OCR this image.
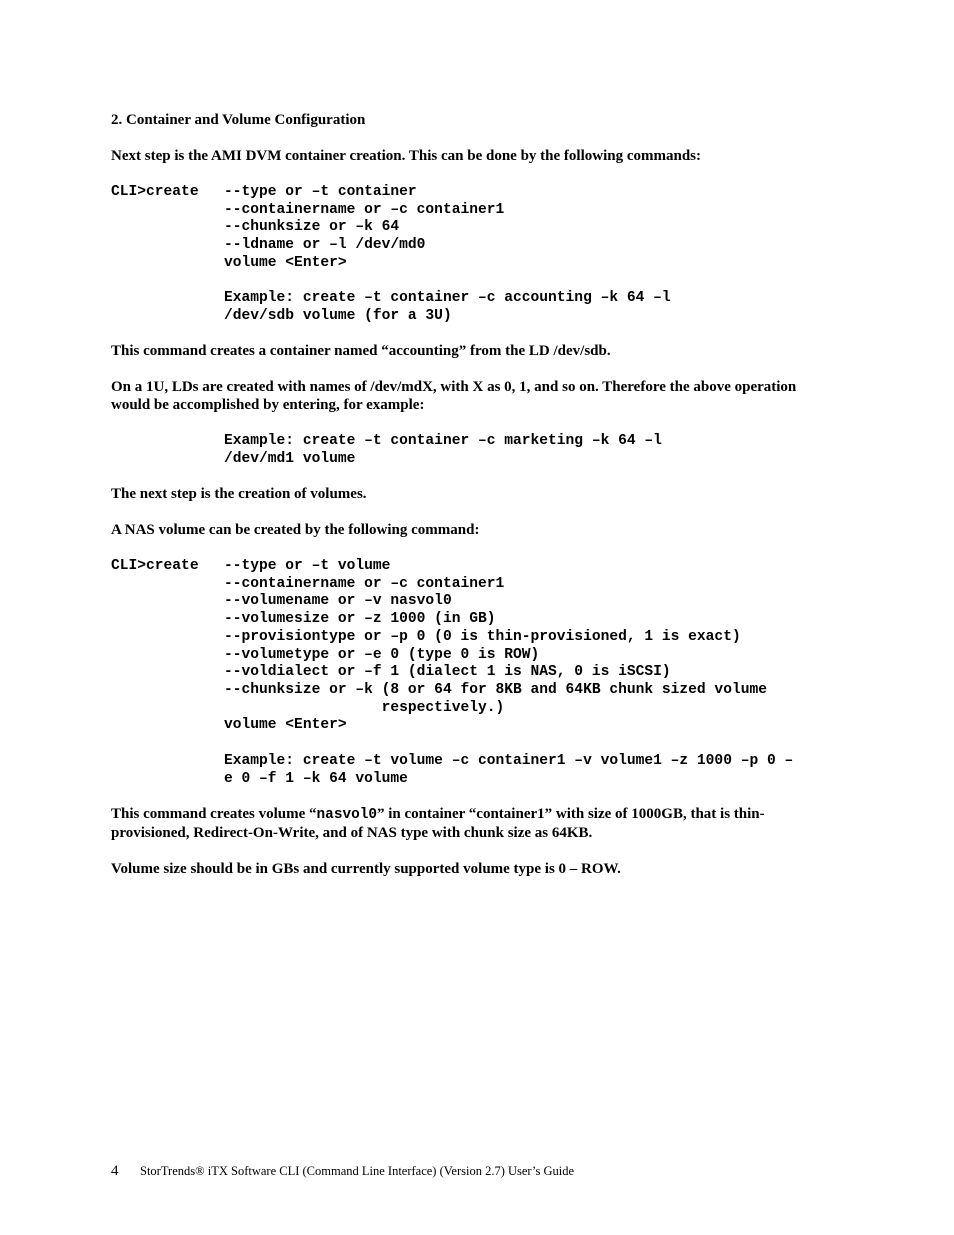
2. Container and Volume Configuration
Next step is the AMI DVM container creation. This can be done by the following commands:

CLI>create

--type or –t container

--containername or –c container1

--chunksize or –k 64

--ldname or –l /dev/md0

volume <Enter>

Example: create –t container –c accounting –k 64 –l

/dev/sdb volume (for a 3U)

This command creates a container named “accounting” from the LD /dev/sdb.
On a 1U, LDs are created with names of /dev/mdX, with X as 0, 1, and so on. Therefore the above operation
would be accomplished by entering, for example:

Example: create –t container –c marketing –k 64 –l

/dev/md1 volume

The next step is the creation of volumes.
A NAS volume can be created by the following command:

CLI>create

--type or –t volume

--containername or –c container1

--volumename or –v nasvol0

--volumesize or –z 1000 (in GB)

--provisiontype or –p 0 (0 is thin-provisioned, 1 is exact)

--volumetype or –e 0 (type 0 is ROW)

--voldialect or –f 1 (dialect 1 is NAS, 0 is iSCSI)

--chunksize or –k (8 or 64 for 8KB and 64KB chunk sized volume

respectively.)

volume <Enter>

Example: create –t volume –c container1 –v volume1 –z 1000 –p 0 –

e 0 –f 1 –k 64 volume

This command creates volume “nasvol0” in container “container1” with size of 1000GB, that is thin-
provisioned, Redirect-On-Write, and of NAS type with chunk size as 64KB.
Volume size should be in GBs and currently supported volume type is 0 – ROW.
4 StorTrends® iTX Software CLI (Command Line Interface) (Version 2.7) User’s Guide
